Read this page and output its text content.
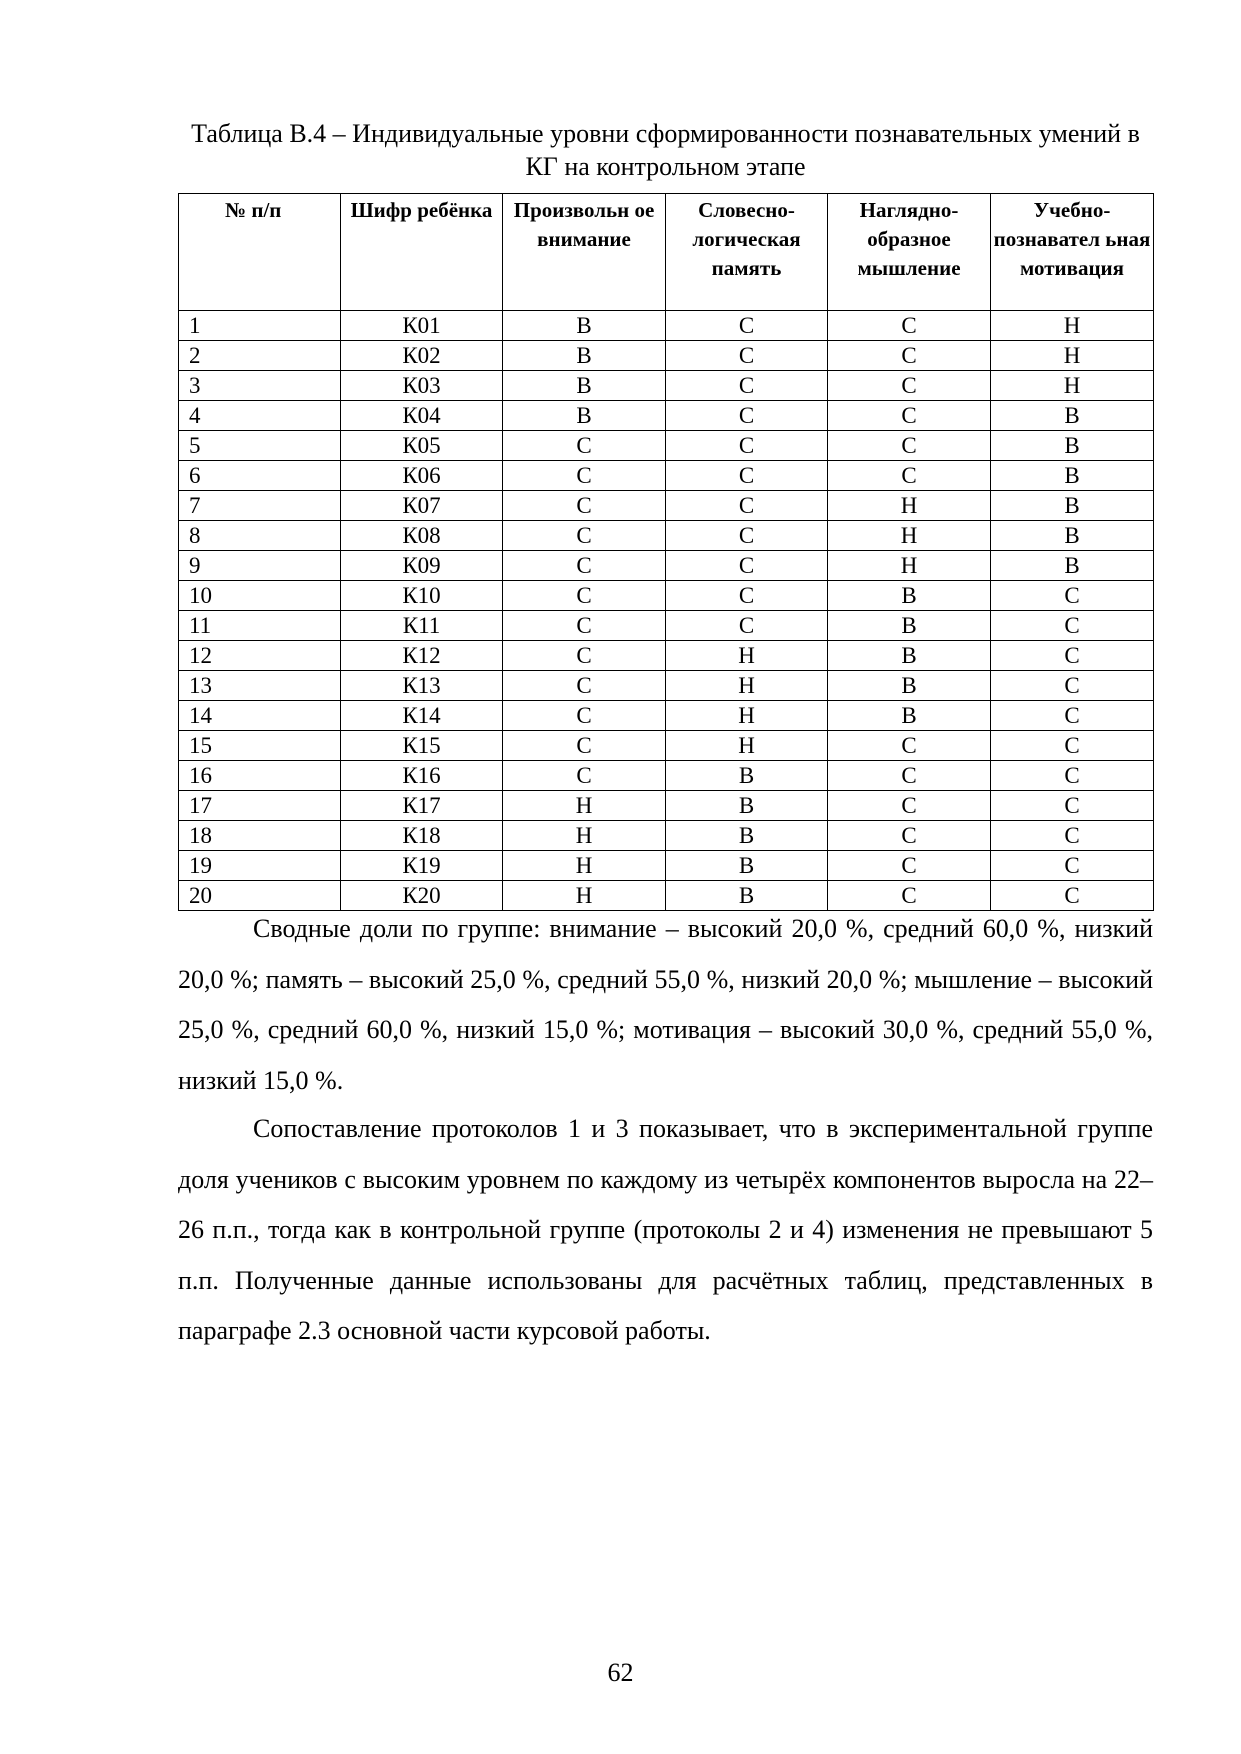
Таблица В.4 – Индивидуальные уровни сформированности познавательных умений в КГ на контрольном этапе
№ п/п	Шифр ребёнка	Произвольн ое внимание	Словесно-логическая память	Наглядно-образное мышление	Учебно-познавател ьная мотивация
1	К01	В	С	С	Н
2	К02	В	С	С	Н
3	К03	В	С	С	Н
4	К04	В	С	С	В
5	К05	С	С	С	В
6	К06	С	С	С	В
7	К07	С	С	Н	В
8	К08	С	С	Н	В
9	К09	С	С	Н	В
10	К10	С	С	В	С
11	К11	С	С	В	С
12	К12	С	Н	В	С
13	К13	С	Н	В	С
14	К14	С	Н	В	С
15	К15	С	Н	С	С
16	К16	С	В	С	С
17	К17	Н	В	С	С
18	К18	Н	В	С	С
19	К19	Н	В	С	С
20	К20	Н	В	С	С

Сводные доли по группе: внимание – высокий 20,0 %, средний 60,0 %, низкий 20,0 %; память – высокий 25,0 %, средний 55,0 %, низкий 20,0 %; мышление – высокий 25,0 %, средний 60,0 %, низкий 15,0 %; мотивация – высокий 30,0 %, средний 55,0 %, низкий 15,0 %.

Сопоставление протоколов 1 и 3 показывает, что в экспериментальной группе доля учеников с высоким уровнем по каждому из четырёх компонентов выросла на 22–26 п.п., тогда как в контрольной группе (протоколы 2 и 4) изменения не превышают 5 п.п. Полученные данные использованы для расчётных таблиц, представленных в параграфе 2.3 основной части курсовой работы.

62
